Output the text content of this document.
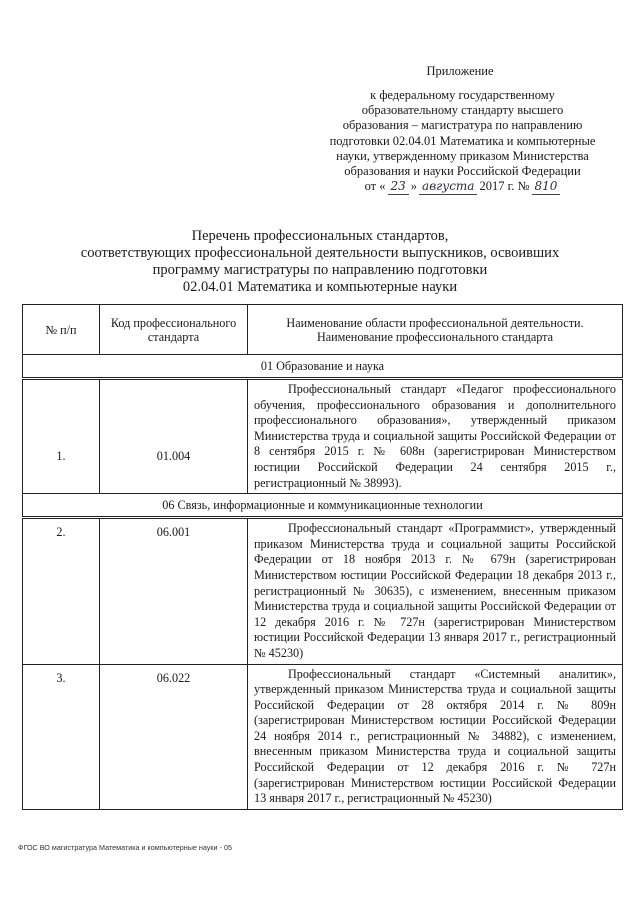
Приложение
к федеральному государственному
образовательному стандарту высшего
образования – магистратура по направлению
подготовки 02.04.01 Математика и компьютерные
науки, утвержденному приказом Министерства
образования и науки Российской Федерации
от « 23 » августа 2017 г. № 810
Перечень профессиональных стандартов,
соответствующих профессиональной деятельности выпускников, освоивших
программу магистратуры по направлению подготовки
02.04.01 Математика и компьютерные науки
№ п/п	Код профессионального стандарта	Наименование области профессиональной деятельности. Наименование профессионального стандарта
01 Образование и наука		
1.	01.004	Профессиональный стандарт «Педагог профессионального обучения, профессионального образования и дополнительного профессионального образования», утвержденный приказом Министерства труда и социальной защиты Российской Федерации от 8 сентября 2015 г. № 608н (зарегистрирован Министерством юстиции Российской Федерации 24 сентября 2015 г., регистрационный № 38993).
06 Связь, информационные и коммуникационные технологии		
2.	06.001	Профессиональный стандарт «Программист», утвержденный приказом Министерства труда и социальной защиты Российской Федерации от 18 ноября 2013 г. № 679н (зарегистрирован Министерством юстиции Российской Федерации 18 декабря 2013 г., регистрационный № 30635), с изменением, внесенным приказом Министерства труда и социальной защиты Российской Федерации от 12 декабря 2016 г. № 727н (зарегистрирован Министерством юстиции Российской Федерации 13 января 2017 г., регистрационный № 45230)
3.	06.022	Профессиональный стандарт «Системный аналитик», утвержденный приказом Министерства труда и социальной защиты Российской Федерации от 28 октября 2014 г. № 809н (зарегистрирован Министерством юстиции Российской Федерации 24 ноября 2014 г., регистрационный № 34882), с изменением, внесенным приказом Министерства труда и социальной защиты Российской Федерации от 12 декабря 2016 г. № 727н (зарегистрирован Министерством юстиции Российской Федерации 13 января 2017 г., регистрационный № 45230)
ФГОС ВО магистратура Математика и компьютерные науки - 05
